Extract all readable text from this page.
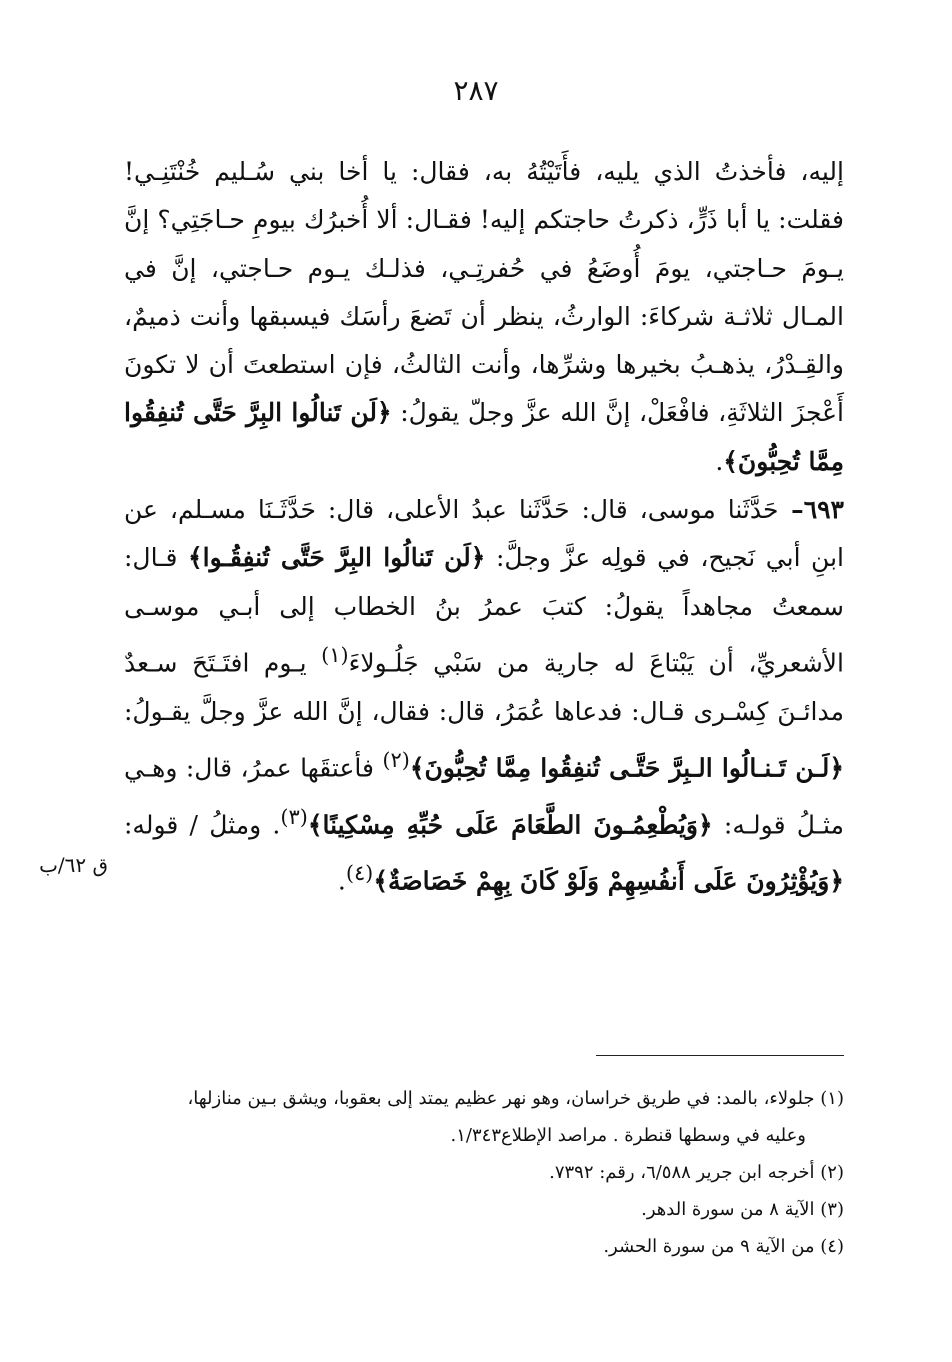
٢٨٧

إليه، فأخذتُ الذي يليه، فأَتَيْتُهُ به، فقال: يا أخا بني سُـليم خُنْتَنِـي! فقلت: يا أبا ذَرٍّ، ذكرتُ حاجتكم إليه! فقـال: ألا أُخبرُك بيومِ حـاجَتِي؟ إنَّ يـومَ حـاجتي، يومَ أُوضَعُ في حُفرتِـي، فذلـك يـوم حـاجتي، إنَّ في المـال ثلاثـة شركاءَ: الوارثُ، ينظر أن تَضعَ رأسَك فيسبقها وأنت ذميمٌ، والقِـدْرُ، يذهـبُ بخيرها وشرِّها، وأنت الثالثُ، فإن استطعتَ أن لا تكونَ أَعْجزَ الثلاثَةِ، فافْعَلْ، إنَّ الله عزَّ وجلّ يقولُ: ﴿لَن تَنالُوا البِرَّ حَتَّى تُنفِقُوا مِمَّا تُحِبُّونَ﴾.

٦٩٣– حَدَّثَنا موسى، قال: حَدَّثَنا عبدُ الأعلى، قال: حَدَّثَـنَا مسـلم، عن ابنِ أبي نَجيح، في قولِه عزَّ وجلَّ: ﴿لَن تَنالُوا البِرَّ حَتَّى تُنفِقُـوا﴾ قـال: سمعتُ مجاهداً يقولُ: كتبَ عمرُ بنُ الخطاب إلى أبـي موسـى الأشعريِّ، أن يَبْتاعَ له جارية من سَبْي جَلُـولاءَ$^{(١)}$ يـوم افتَـتَحَ سـعدٌ مدائـنَ كِسْـرى قـال: فدعاها عُمَرُ، قال: فقال، إنَّ الله عزَّ وجلَّ يقـولُ: ﴿لَـن تَـنـالُوا الـبِرَّ حَتَّـى تُنفِقُوا مِمَّا تُحِبُّونَ﴾$^{(٢)}$ فأعتقَها عمرُ، قال: وهـي مثـلُ قولـه: ﴿وَيُطْعِمُـونَ الطَّعَامَ عَلَى حُبِّهِ مِسْكِينًا﴾$^{(٣)}$. ومثلُ / قوله: ﴿وَيُؤْثِرُونَ عَلَى أَنفُسِهِمْ وَلَوْ كَانَ بِهِمْ خَصَاصَةٌ﴾$^{(٤)}$.

ق ٦٢/ب

(١) جلولاء، بالمد: في طريق خراسان، وهو نهر عظيم يمتد إلى بعقوبا، ويشق بـين منازلها،

وعليه في وسطها قنطرة . مراصد الإطلاع١/٣٤٣.

(٢) أخرجه ابن جرير ٦/٥٨٨، رقم: ٧٣٩٢.

(٣) الآية ٨ من سورة الدهر.

(٤) من الآية ٩ من سورة الحشر.
